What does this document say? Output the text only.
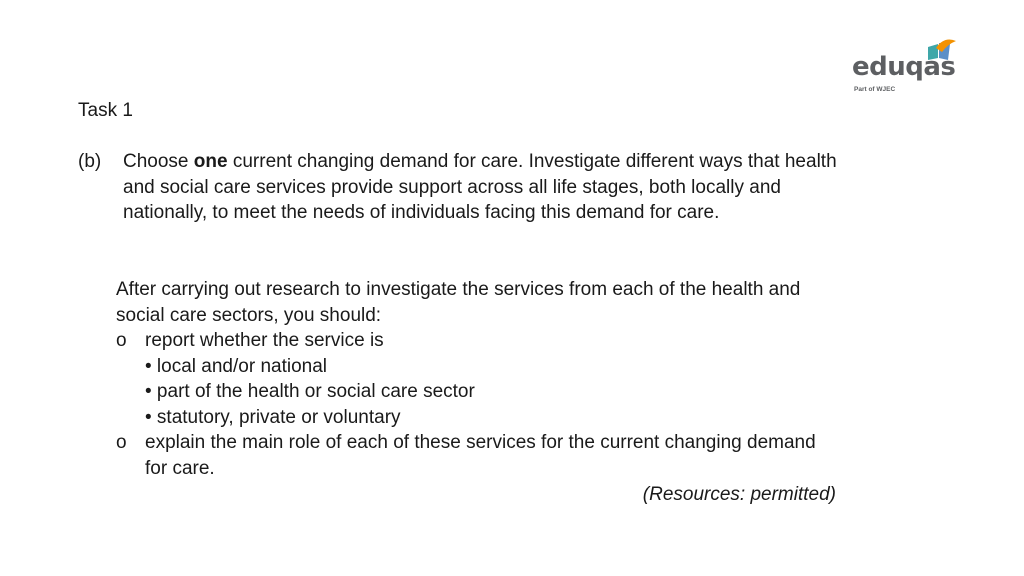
eduqas
Part of WJEC
Task 1
(b) Choose one current changing demand for care. Investigate different ways that health and social care services provide support across all life stages, both locally and nationally, to meet the needs of individuals facing this demand for care.
After carrying out research to investigate the services from each of the health and social care sectors, you should:
o report whether the service is
• local and/or national
• part of the health or social care sector
• statutory, private or voluntary
o explain the main role of each of these services for the current changing demand for care.
(Resources: permitted)
